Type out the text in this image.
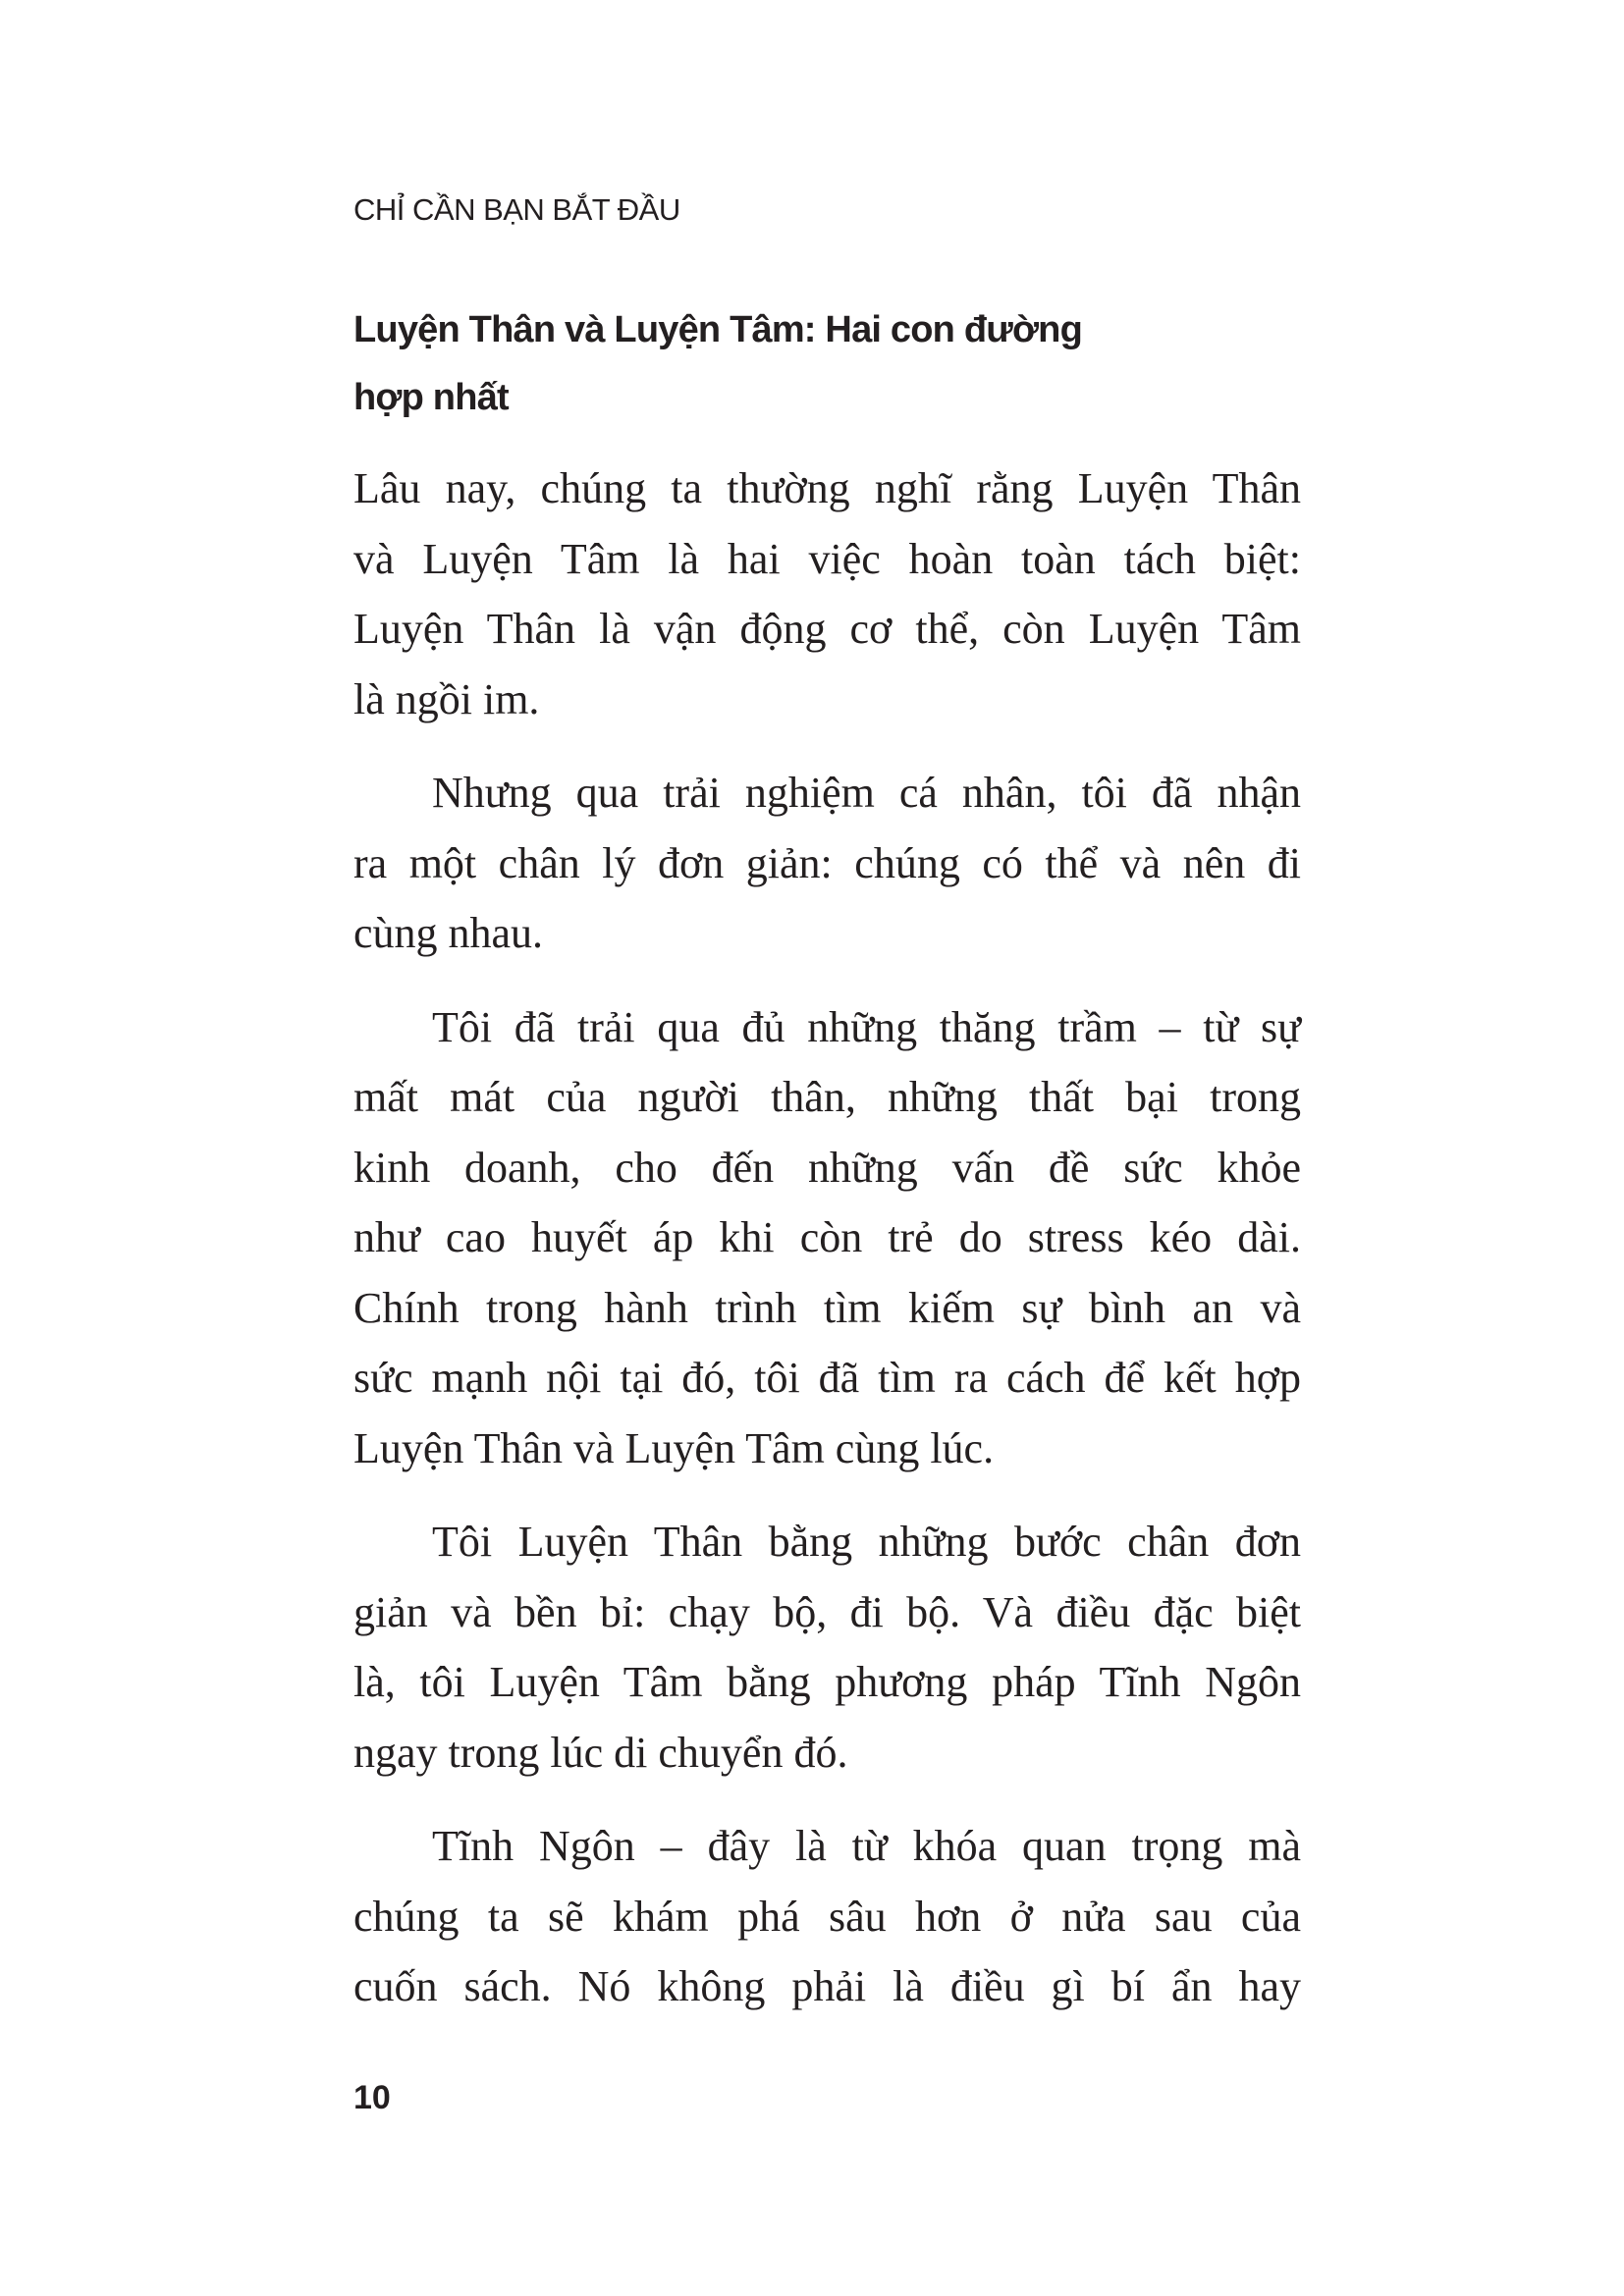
CHỈ CẦN BẠN BẮT ĐẦU
Luyện Thân và Luyện Tâm: Hai con đường
hợp nhất

Lâu nay, chúng ta thường nghĩ rằng Luyện Thân
và Luyện Tâm là hai việc hoàn toàn tách biệt:
Luyện Thân là vận động cơ thể, còn Luyện Tâm
là ngồi im.

Nhưng qua trải nghiệm cá nhân, tôi đã nhận
ra một chân lý đơn giản: chúng có thể và nên đi
cùng nhau.

Tôi đã trải qua đủ những thăng trầm – từ sự
mất mát của người thân, những thất bại trong
kinh doanh, cho đến những vấn đề sức khỏe
như cao huyết áp khi còn trẻ do stress kéo dài.
Chính trong hành trình tìm kiếm sự bình an và
sức mạnh nội tại đó, tôi đã tìm ra cách để kết hợp
Luyện Thân và Luyện Tâm cùng lúc.

Tôi Luyện Thân bằng những bước chân đơn
giản và bền bỉ: chạy bộ, đi bộ. Và điều đặc biệt
là, tôi Luyện Tâm bằng phương pháp Tĩnh Ngôn
ngay trong lúc di chuyển đó.

Tĩnh Ngôn – đây là từ khóa quan trọng mà
chúng ta sẽ khám phá sâu hơn ở nửa sau của
cuốn sách. Nó không phải là điều gì bí ẩn hay

10
